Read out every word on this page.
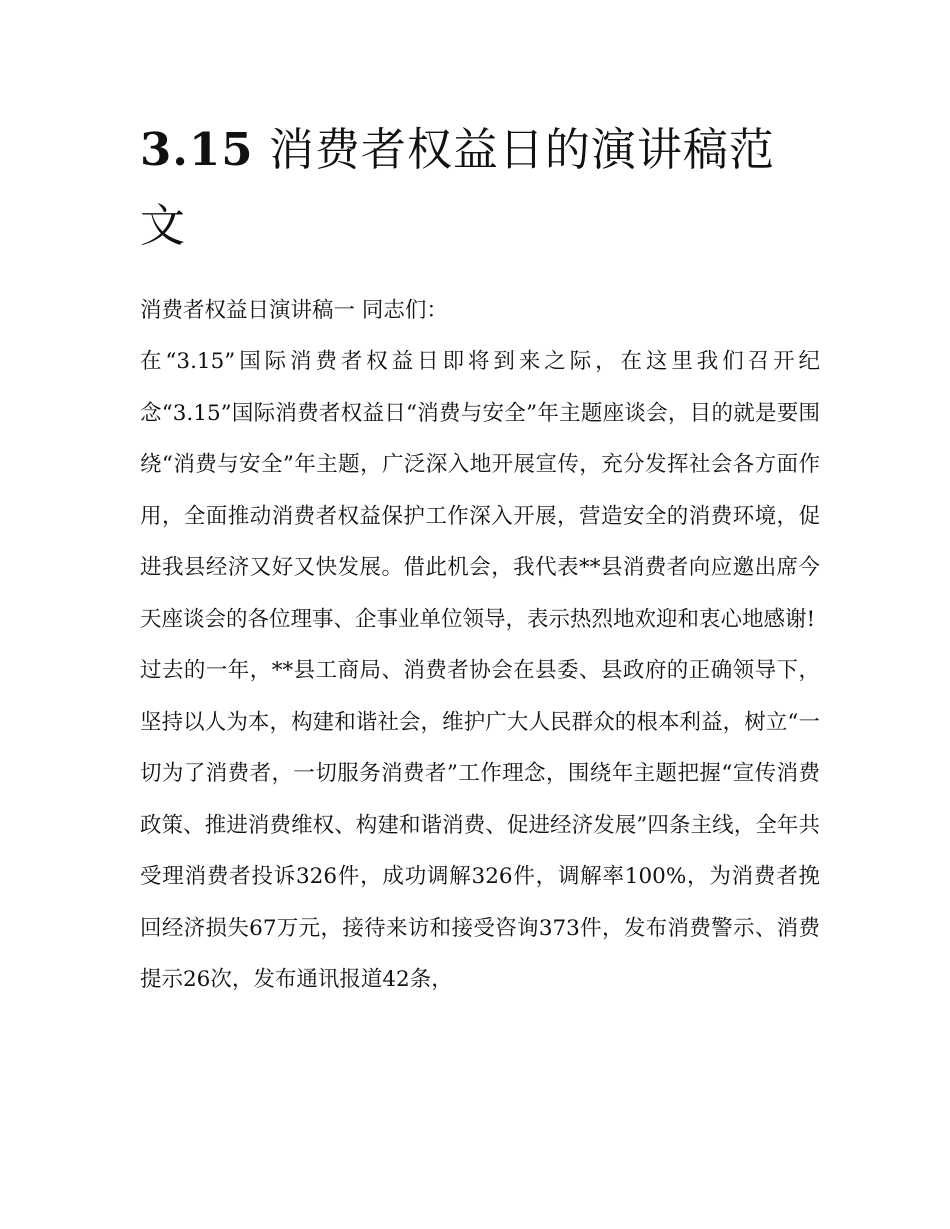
3.15 消费者权益日的演讲稿范文

消费者权益日演讲稿一 同志们：

在“3.15”国际消费者权益日即将到来之际，在这里我们召开纪念“3.15”国际消费者权益日“消费与安全”年主题座谈会，目的就是要围绕“消费与安全”年主题，广泛深入地开展宣传，充分发挥社会各方面作用，全面推动消费者权益保护工作深入开展，营造安全的消费环境，促进我县经济又好又快发展。借此机会，我代表**县消费者向应邀出席今天座谈会的各位理事、企事业单位领导，表示热烈地欢迎和衷心地感谢!

过去的一年，**县工商局、消费者协会在县委、县政府的正确领导下，坚持以人为本，构建和谐社会，维护广大人民群众的根本利益，树立“一切为了消费者，一切服务消费者”工作理念，围绕年主题把握“宣传消费政策、推进消费维权、构建和谐消费、促进经济发展”四条主线，全年共受理消费者投诉326件，成功调解326件，调解率100%，为消费者挽回经济损失67万元，接待来访和接受咨询373件，发布消费警示、消费提示26次，发布通讯报道42条，
